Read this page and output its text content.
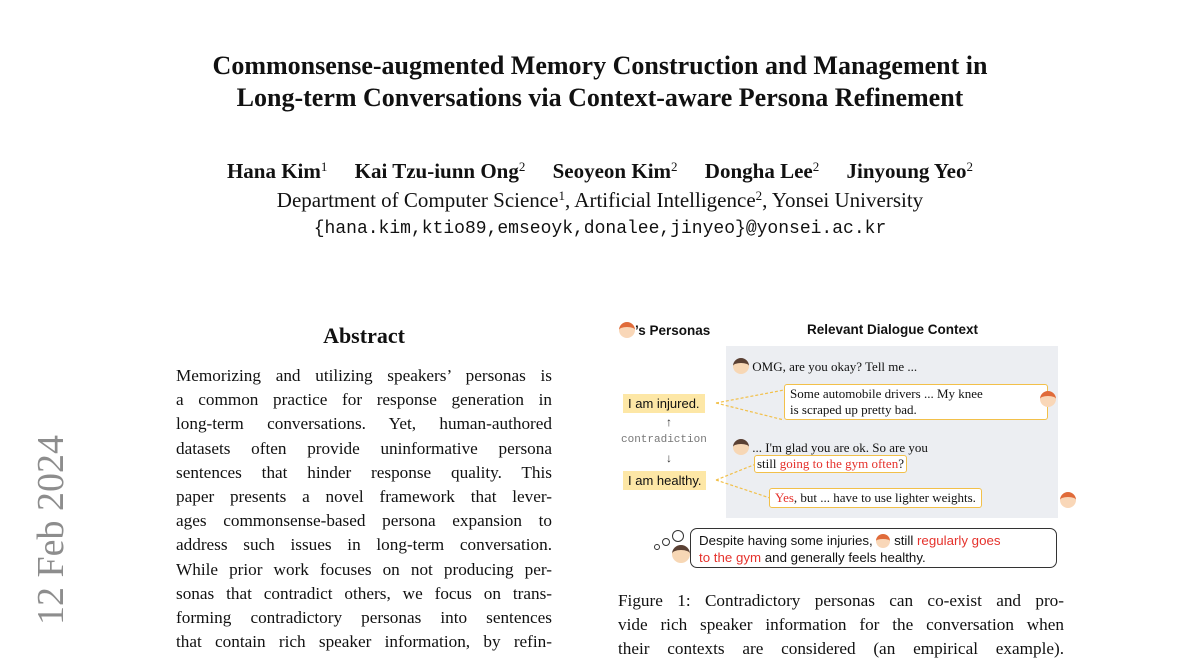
12 Feb 2024
Commonsense-augmented Memory Construction and Management in
Long-term Conversations via Context-aware Persona Refinement
Hana Kim$^1$ Kai Tzu-iunn Ong$^2$ Seoyeon Kim$^2$ Dongha Lee$^2$ Jinyoung Yeo$^2$
Department of Computer Science$^1$, Artificial Intelligence$^2$, Yonsei University
{hana.kim,ktio89,emseoyk,donalee,jinyeo}@yonsei.ac.kr
Abstract
Memorizing and utilizing speakers’ personas is
a common practice for response generation in
long-term conversations. Yet, human-authored
datasets often provide uninformative persona
sentences that hinder response quality. This
paper presents a novel framework that lever-
ages commonsense-based persona expansion to
address such issues in long-term conversation.
While prior work focuses on not producing per-
sonas that contradict others, we focus on trans-
forming contradictory personas into sentences
that contain rich speaker information, by refin-
’s Personas	Relevant Dialogue Context
OMG, are you okay? Tell me ...
Some automobile drivers ... My knee
is scraped up pretty bad.

... I'm glad you are ok. So are you
still going to the gym often?
Yes, but ... have to use lighter weights.

I am injured.
↑
contradiction
↓
I am healthy.
Despite having some injuries,  still regularly goes
to the gym and generally feels healthy.
Figure 1: Contradictory personas can co-exist and pro-
vide rich speaker information for the conversation when
their contexts are considered (an empirical example).
